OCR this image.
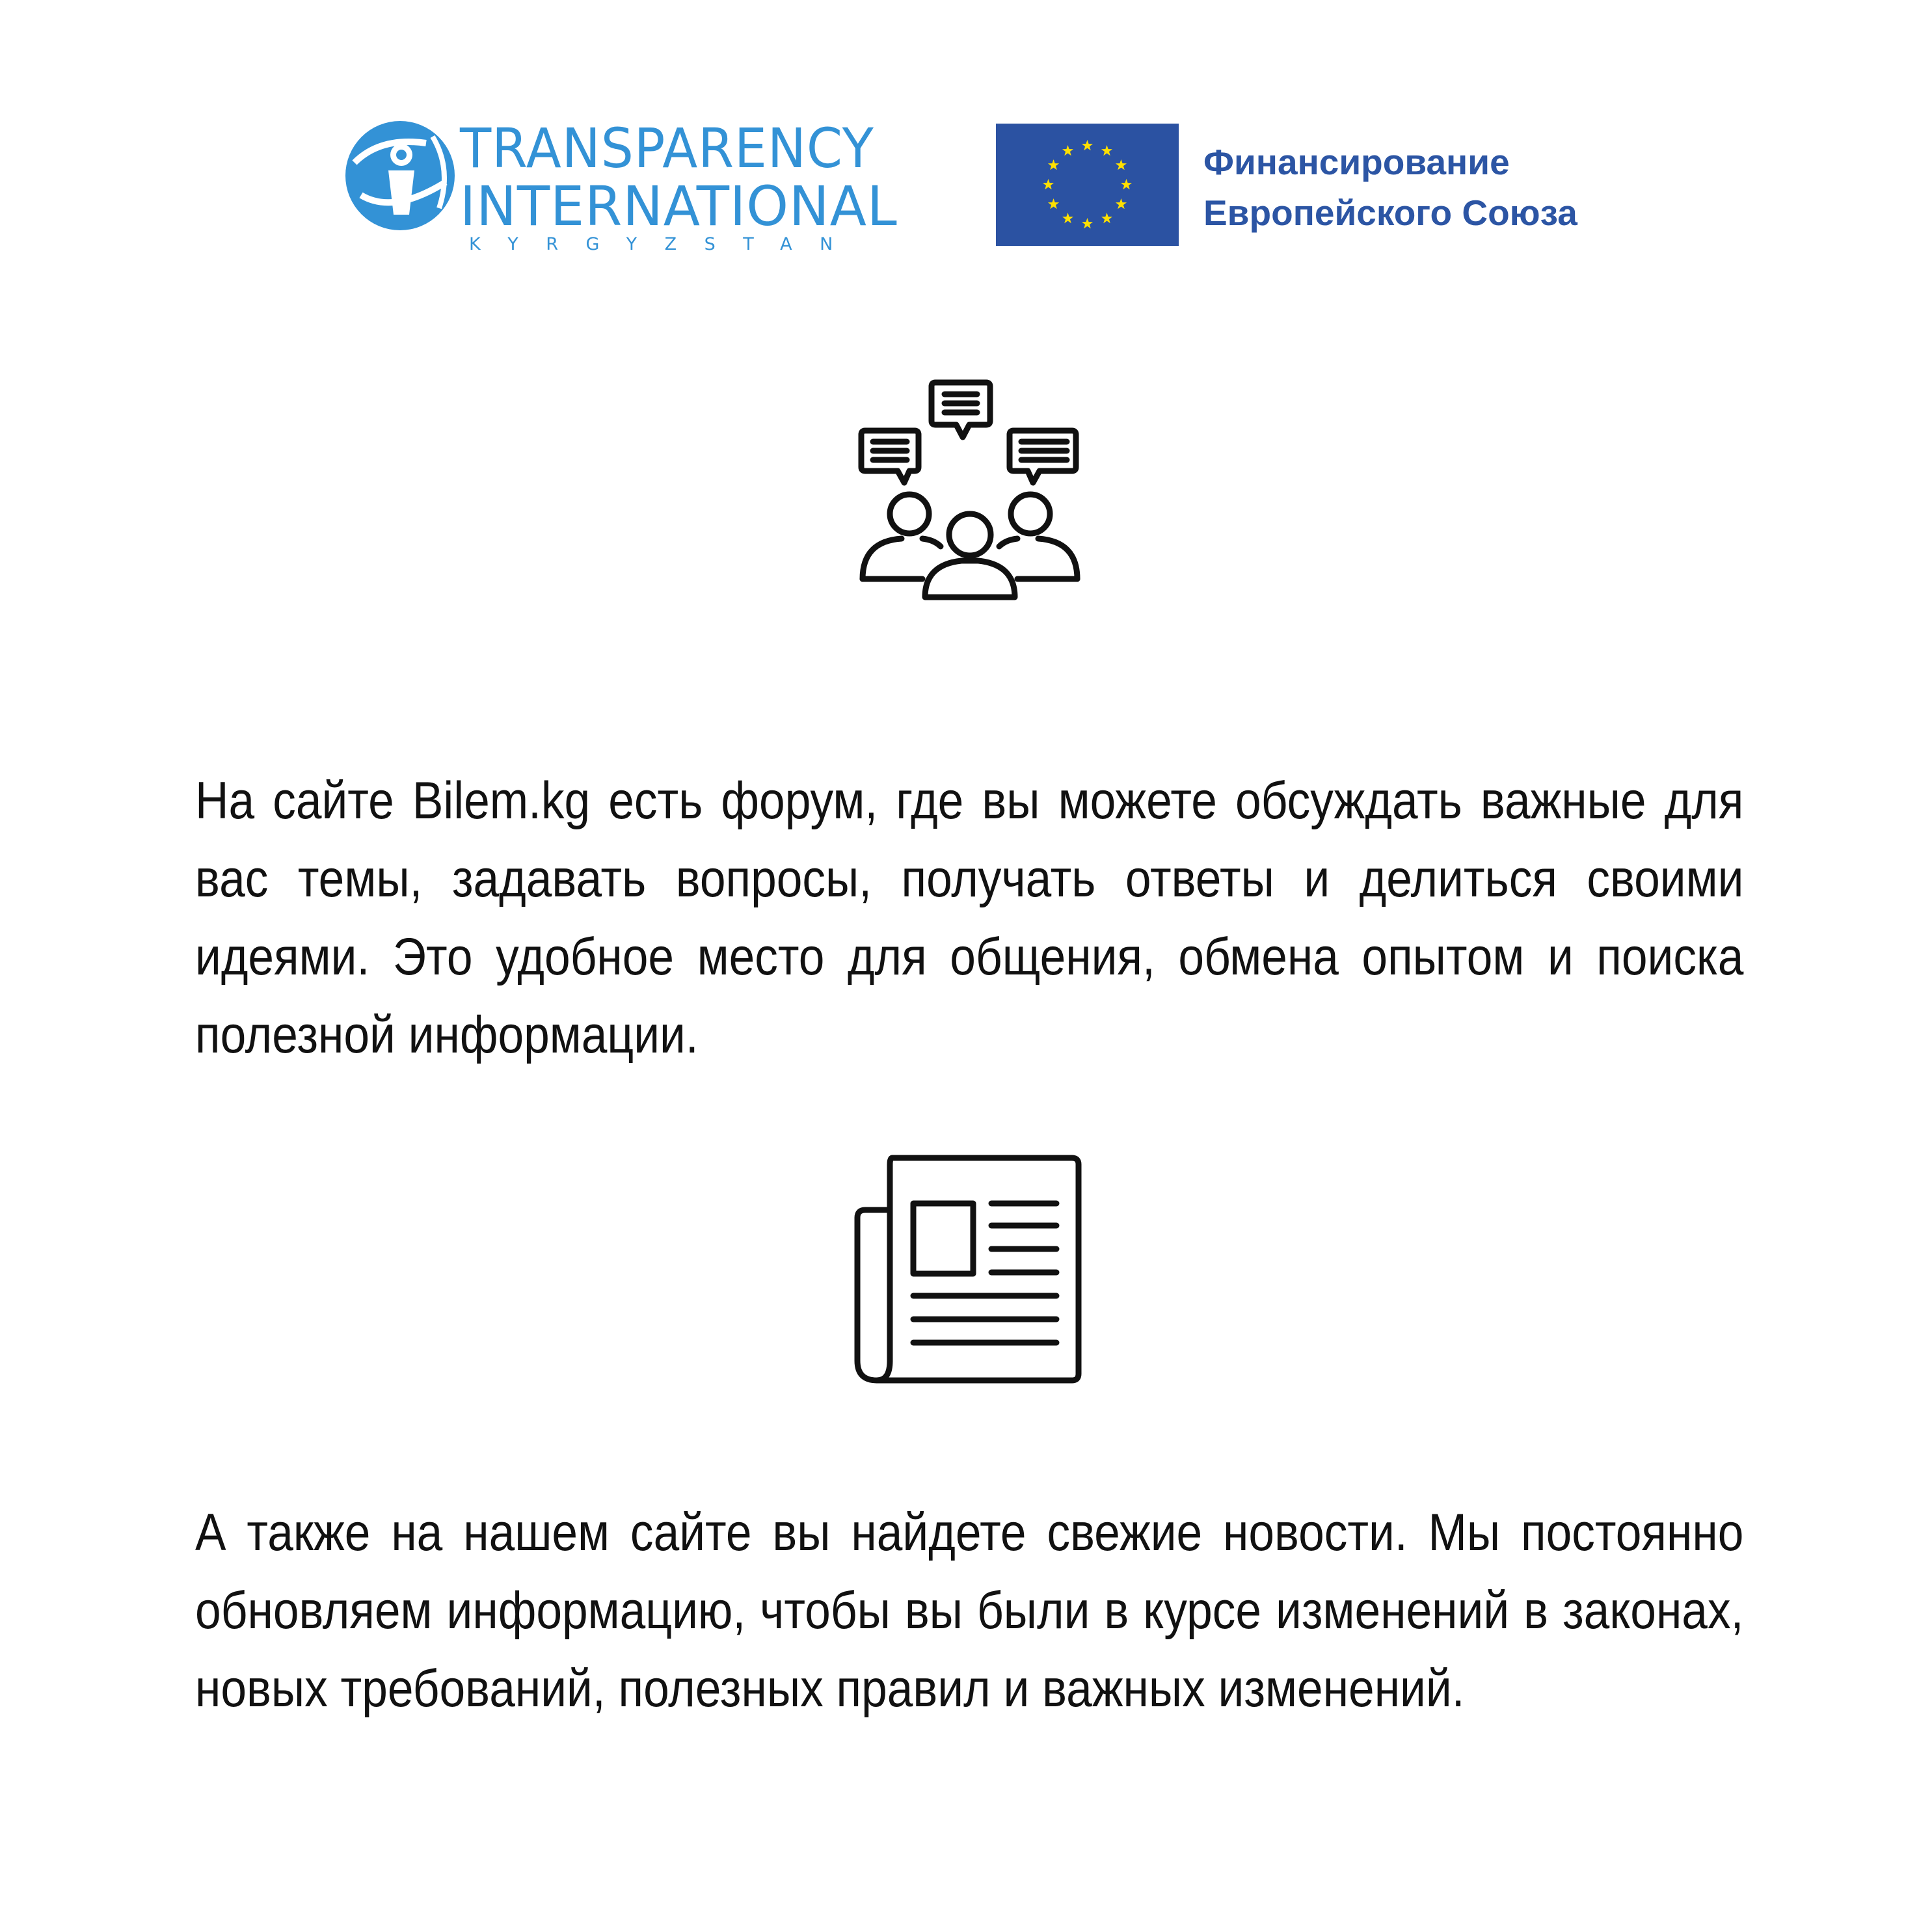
TRANSPARENCY
INTERNATIONAL
KYRGYZSTAN
Финансирование
Европейского Союза

На сайте Bilem.kg есть форум, где вы можете обсуждать важные для вас темы, задавать вопросы, получать ответы и делиться своими идеями. Это удобное место для общения, обмена опытом и поиска полезной информации.

А также на нашем сайте вы найдете свежие новости. Мы постоянно обновляем информацию, чтобы вы были в курсе изменений в законах, новых требований, полезных правил и важных изменений.
